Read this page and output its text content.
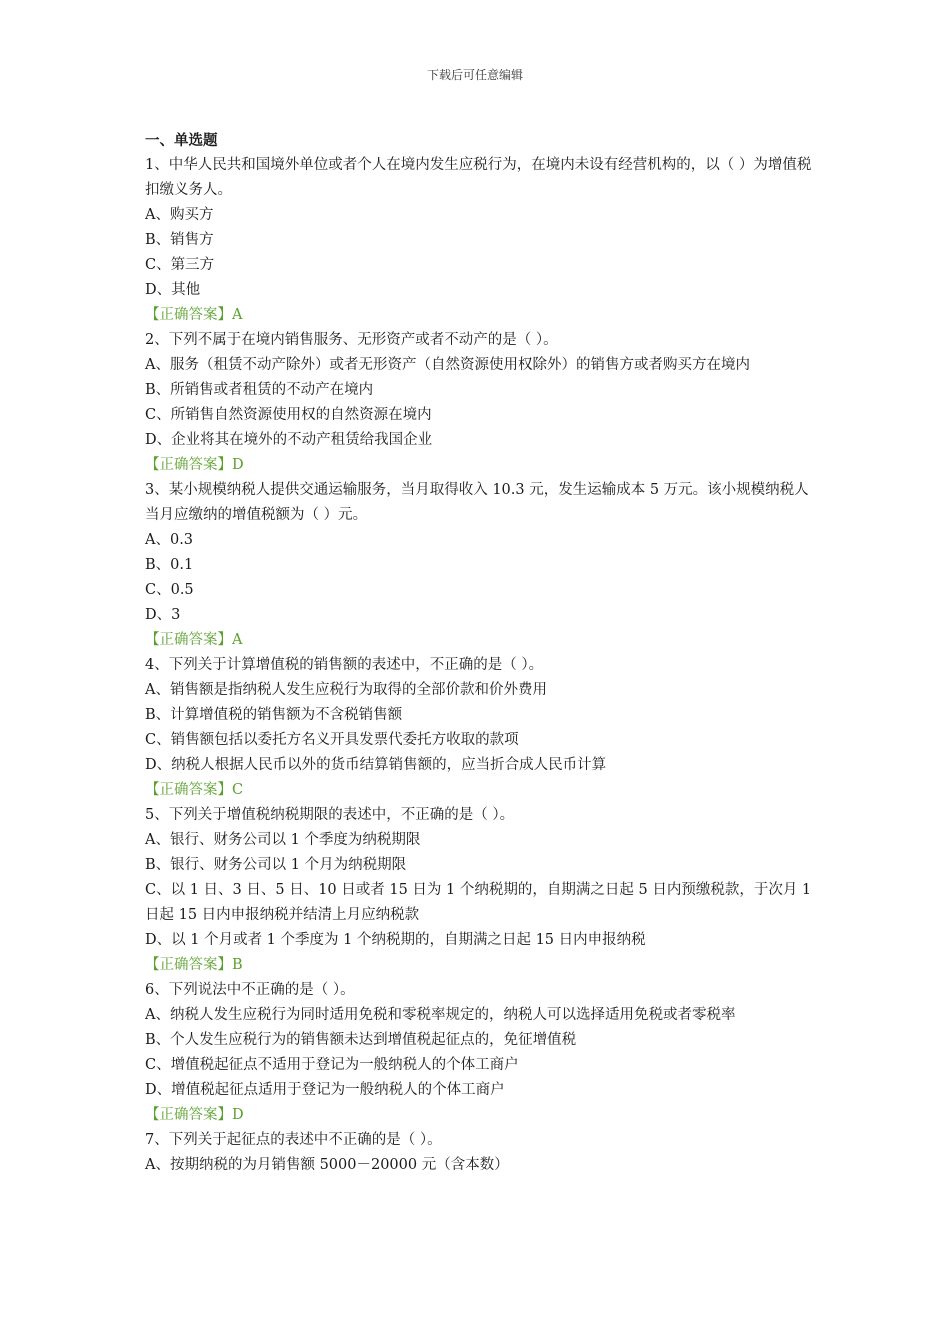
下载后可任意编辑
一、单选题
1、中华人民共和国境外单位或者个人在境内发生应税行为，在境内未设有经营机构的，以（ ）为增值税扣缴义务人。
A、购买方
B、销售方
C、第三方
D、其他
【正确答案】A
2、下列不属于在境内销售服务、无形资产或者不动产的是（ ）。
A、服务（租赁不动产除外）或者无形资产（自然资源使用权除外）的销售方或者购买方在境内
B、所销售或者租赁的不动产在境内
C、所销售自然资源使用权的自然资源在境内
D、企业将其在境外的不动产租赁给我国企业
【正确答案】D
3、某小规模纳税人提供交通运输服务，当月取得收入 10.3 元，发生运输成本 5 万元。该小规模纳税人当月应缴纳的增值税额为（ ）元。
A、0.3
B、0.1
C、0.5
D、3
【正确答案】A
4、下列关于计算增值税的销售额的表述中，不正确的是（ ）。
A、销售额是指纳税人发生应税行为取得的全部价款和价外费用
B、计算增值税的销售额为不含税销售额
C、销售额包括以委托方名义开具发票代委托方收取的款项
D、纳税人根据人民币以外的货币结算销售额的，应当折合成人民币计算
【正确答案】C
5、下列关于增值税纳税期限的表述中，不正确的是（ ）。
A、银行、财务公司以 1 个季度为纳税期限
B、银行、财务公司以 1 个月为纳税期限
C、以 1 日、3 日、5 日、10 日或者 15 日为 1 个纳税期的，自期满之日起 5 日内预缴税款，于次月 1 日起 15 日内申报纳税并结清上月应纳税款
D、以 1 个月或者 1 个季度为 1 个纳税期的，自期满之日起 15 日内申报纳税
【正确答案】B
6、下列说法中不正确的是（ ）。
A、纳税人发生应税行为同时适用免税和零税率规定的，纳税人可以选择适用免税或者零税率
B、个人发生应税行为的销售额未达到增值税起征点的，免征增值税
C、增值税起征点不适用于登记为一般纳税人的个体工商户
D、增值税起征点适用于登记为一般纳税人的个体工商户
【正确答案】D
7、下列关于起征点的表述中不正确的是（ ）。
A、按期纳税的为月销售额 5000－20000 元（含本数）
